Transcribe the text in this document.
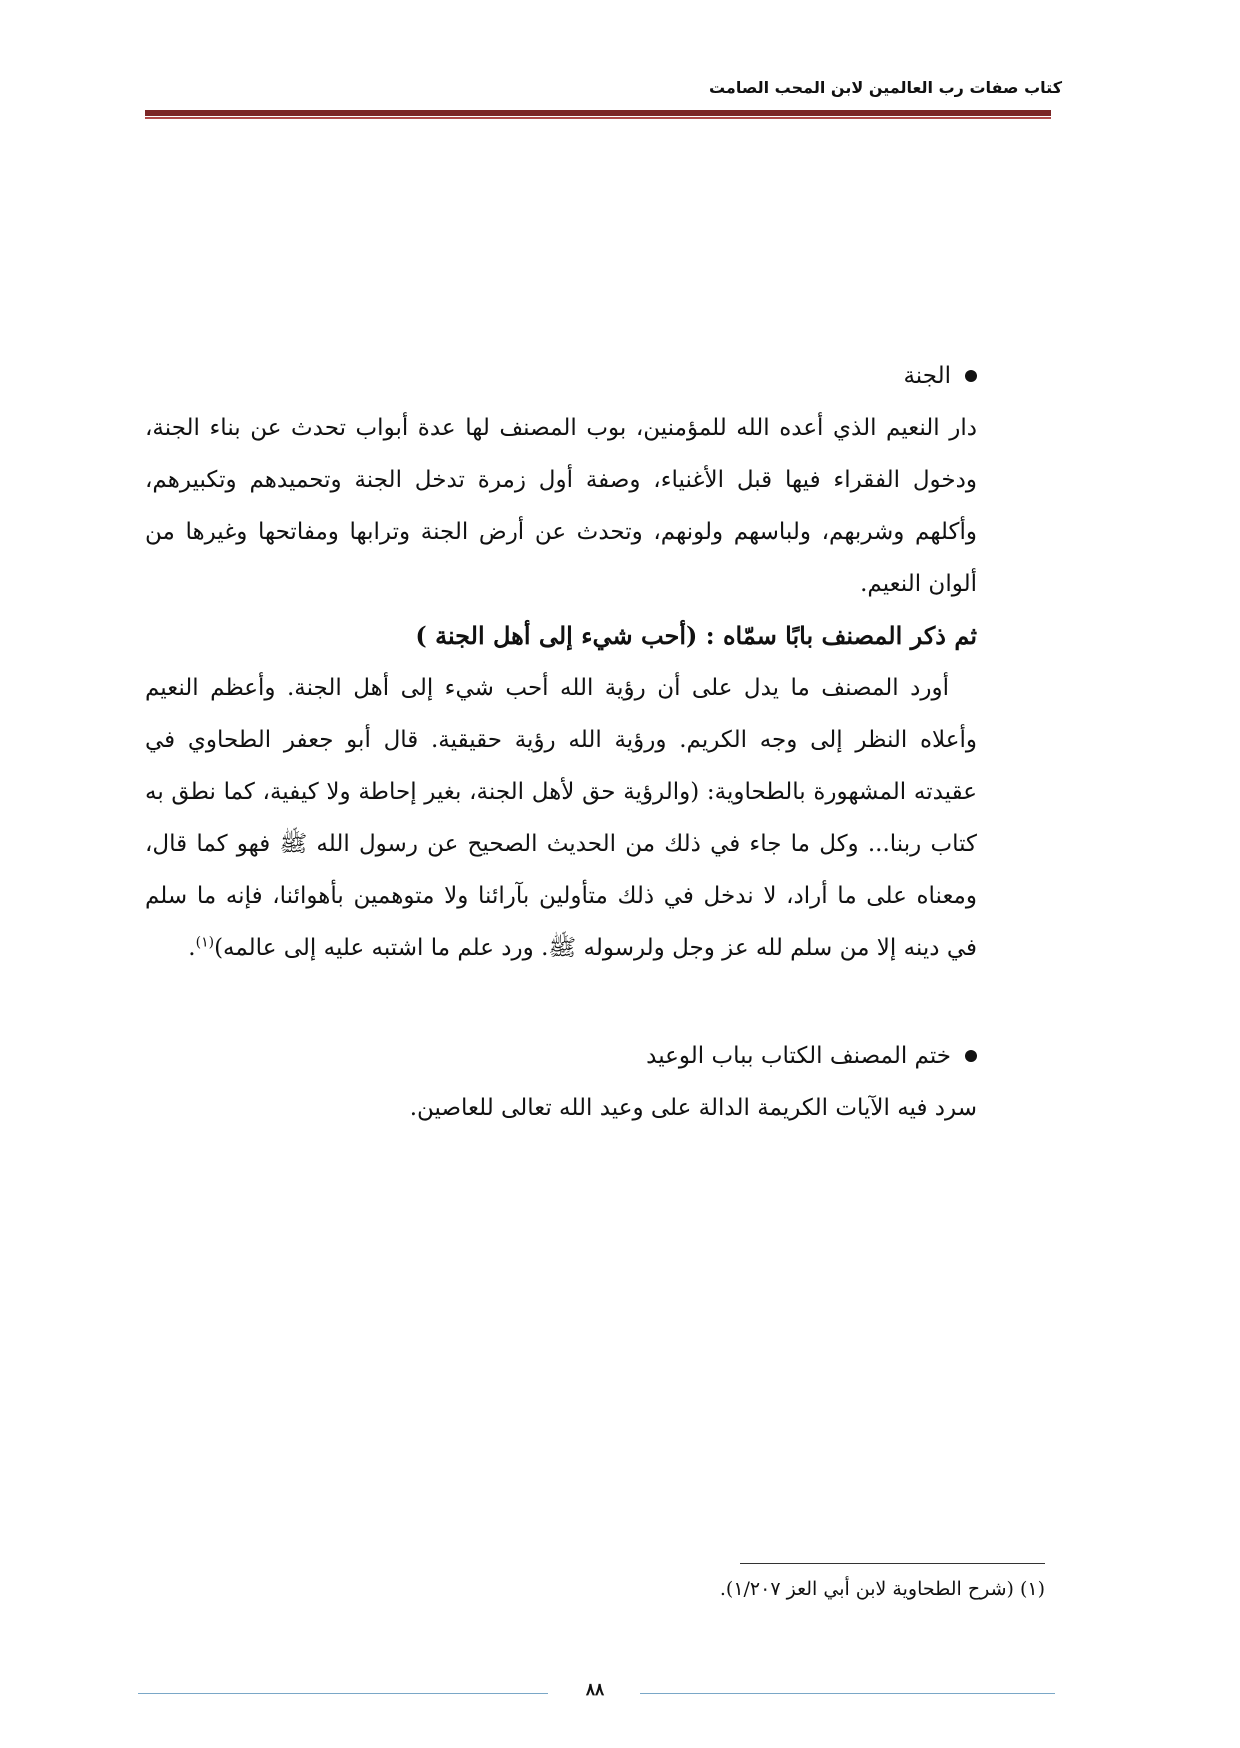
كتاب صفات رب العالمين لابن المحب الصامت
الجنة

دار النعيم الذي أعده الله للمؤمنين، بوب المصنف لها عدة أبواب تحدث عن بناء الجنة، ودخول الفقراء فيها قبل الأغنياء، وصفة أول زمرة تدخل الجنة وتحميدهم وتكبيرهم، وأكلهم وشربهم، ولباسهم ولونهم، وتحدث عن أرض الجنة وترابها ومفاتحها وغيرها من ألوان النعيم.

ثم ذكر المصنف بابًا سمّاه : (أحب شيء إلى أهل الجنة )

أورد المصنف ما يدل على أن رؤية الله أحب شيء إلى أهل الجنة. وأعظم النعيم وأعلاه النظر إلى وجه الكريم. ورؤية الله رؤية حقيقية. قال أبو جعفر الطحاوي في عقيدته المشهورة بالطحاوية: (والرؤية حق لأهل الجنة، بغير إحاطة ولا كيفية، كما نطق به كتاب ربنا... وكل ما جاء في ذلك من الحديث الصحيح عن رسول الله ﷺ فهو كما قال، ومعناه على ما أراد، لا ندخل في ذلك متأولين بآرائنا ولا متوهمين بأهوائنا، فإنه ما سلم في دينه إلا من سلم لله عز وجل ولرسوله ﷺ. ورد علم ما اشتبه عليه إلى عالمه)$^{(١)}$.

ختم المصنف الكتاب بباب الوعيد

سرد فيه الآيات الكريمة الدالة على وعيد الله تعالى للعاصين.

(١) (شرح الطحاوية لابن أبي العز ١/٢٠٧).
٨٨
